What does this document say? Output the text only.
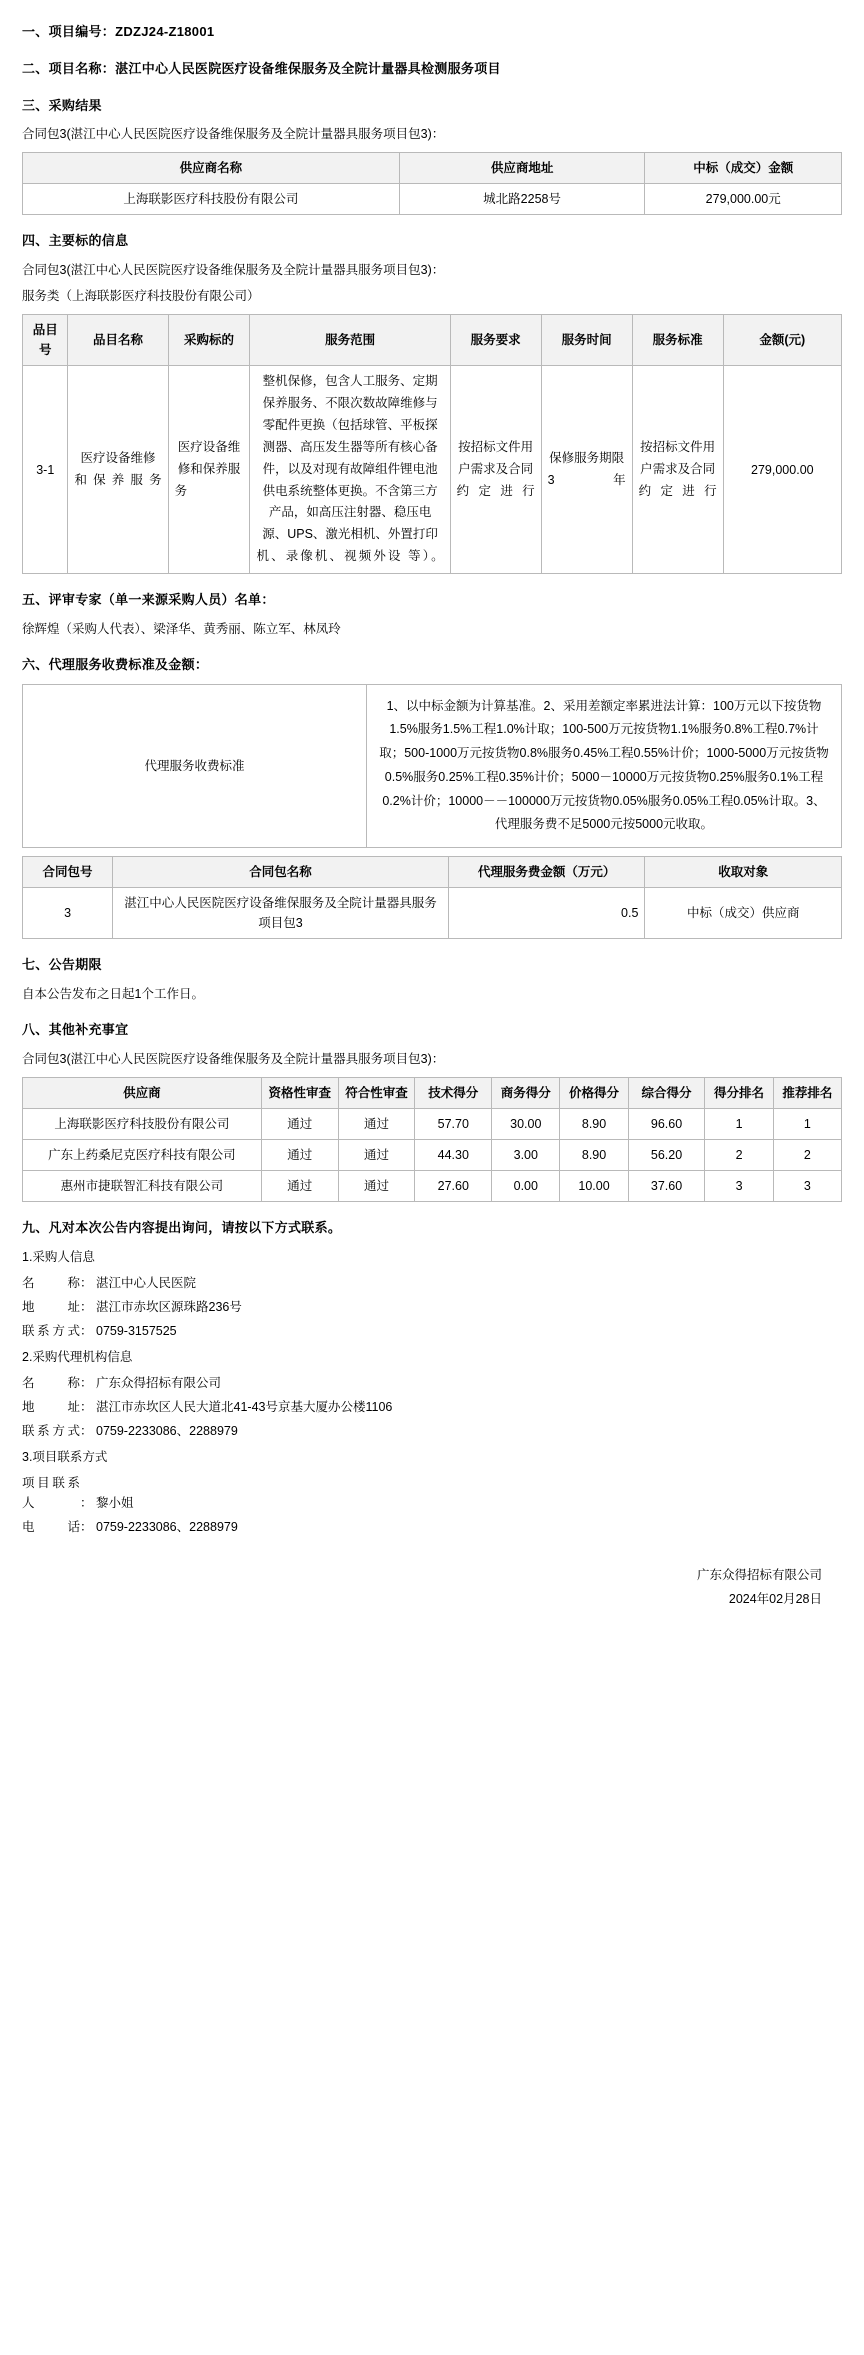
一、项目编号：ZDZJ24-Z18001
二、项目名称：湛江中心人民医院医疗设备维保服务及全院计量器具检测服务项目
三、采购结果
合同包3(湛江中心人民医院医疗设备维保服务及全院计量器具服务项目包3)：
供应商名称	供应商地址	中标（成交）金额
上海联影医疗科技股份有限公司	城北路2258号	279,000.00元
四、主要标的信息
合同包3(湛江中心人民医院医疗设备维保服务及全院计量器具服务项目包3)：
服务类（上海联影医疗科技股份有限公司）
品目号	品目名称	采购标的	服务范围	服务要求	服务时间	服务标准	金额(元)
3-1	医疗设备维修和保养服务	医疗设备维修和保养服务	整机保修，包含人工服务、定期保养服务、不限次数故障维修与零配件更换（包括球管、平板探测器、高压发生器等所有核心备件，以及对现有故障组件锂电池供电系统整体更换。不含第三方产品，如高压注射器、稳压电源、UPS、激光相机、外置打印机、录像机、视频外设 等）。	按招标文件用户需求及合同约定进行	保修服务期限 3 年	按招标文件用户需求及合同约定进行	279,000.00
五、评审专家（单一来源采购人员）名单：
徐辉煌（采购人代表）、梁泽华、黄秀丽、陈立军、林凤玲
六、代理服务收费标准及金额：
代理服务收费标准	1、以中标金额为计算基准。2、采用差额定率累进法计算：100万元以下按货物1.5%服务1.5%工程1.0%计取；100-500万元按货物1.1%服务0.8%工程0.7%计取；500-1000万元按货物0.8%服务0.45%工程0.55%计价；1000-5000万元按货物0.5%服务0.25%工程0.35%计价；5000－10000万元按货物0.25%服务0.1%工程0.2%计价；10000－－100000万元按货物0.05%服务0.05%工程0.05%计取。3、代理服务费不足5000元按5000元收取。
合同包号	合同包名称	代理服务费金额（万元）	收取对象
3	湛江中心人民医院医疗设备维保服务及全院计量器具服务项目包3	0.5	中标（成交）供应商
七、公告期限
自本公告发布之日起1个工作日。
八、其他补充事宜
合同包3(湛江中心人民医院医疗设备维保服务及全院计量器具服务项目包3)：
供应商	资格性审查	符合性审查	技术得分	商务得分	价格得分	综合得分	得分排名	推荐排名
上海联影医疗科技股份有限公司	通过	通过	57.70	30.00	8.90	96.60	1	1
广东上药桑尼克医疗科技有限公司	通过	通过	44.30	3.00	8.90	56.20	2	2
惠州市捷联智汇科技有限公司	通过	通过	27.60	0.00	10.00	37.60	3	3
九、凡对本次公告内容提出询问，请按以下方式联系。
1.采购人信息
名称： 湛江中心人民医院
地址： 湛江市赤坎区源珠路236号
联系方式： 0759-3157525
2.采购代理机构信息
名称： 广东众得招标有限公司
地址： 湛江市赤坎区人民大道北41-43号京基大厦办公楼1106
联系方式： 0759-2233086、2288979
3.项目联系方式
项目联系人	： 黎小姐
电话： 0759-2233086、2288979
广东众得招标有限公司
2024年02月28日
